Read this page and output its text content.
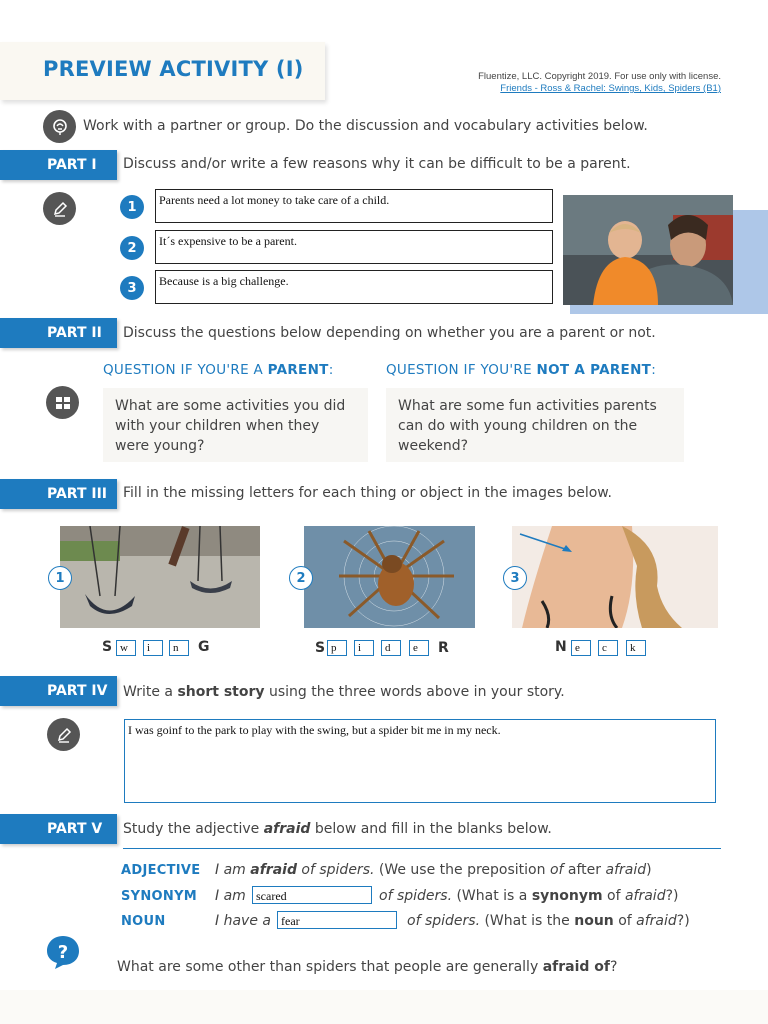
PREVIEW ACTIVITY (I)	Fluentize, LLC. Copyright 2019. For use only with license.
Friends - Ross & Rachel: Swings, Kids, Spiders (B1)
Work with a partner or group. Do the discussion and vocabulary activities below.
PART I	Discuss and/or write a few reasons why it can be difficult to be a parent.
1	Parents need a lot money to take care of a child.
2	It´s expensive to be a parent.
3	Because is a big challenge.
PART II	Discuss the questions below depending on whether you are a parent or not.
QUESTION IF YOU'RE A PARENT:	QUESTION IF YOU'RE NOT A PARENT:
What are some activities you did with your children when they were young?
What are some fun activities parents can do with young children on the weekend?
PART III	Fill in the missing letters for each thing or object in the images below.
1	2	3
S w	i	n	G	S p	i	d	e	R	N e	c	k
PART IV	Write a short story using the three words above in your story.
I was goinf to the park to play with the swing, but a spider bit me in my neck.
PART V	Study the adjective afraid below and fill in the blanks below.
ADJECTIVE I am afraid of spiders. (We use the preposition of after afraid)
SYNONYM I am scared	of spiders. (What is a synonym of afraid?)
NOUN	I have a fear	of spiders. (What is the noun of afraid?)
?
What are some other than spiders that people are generally afraid of?
